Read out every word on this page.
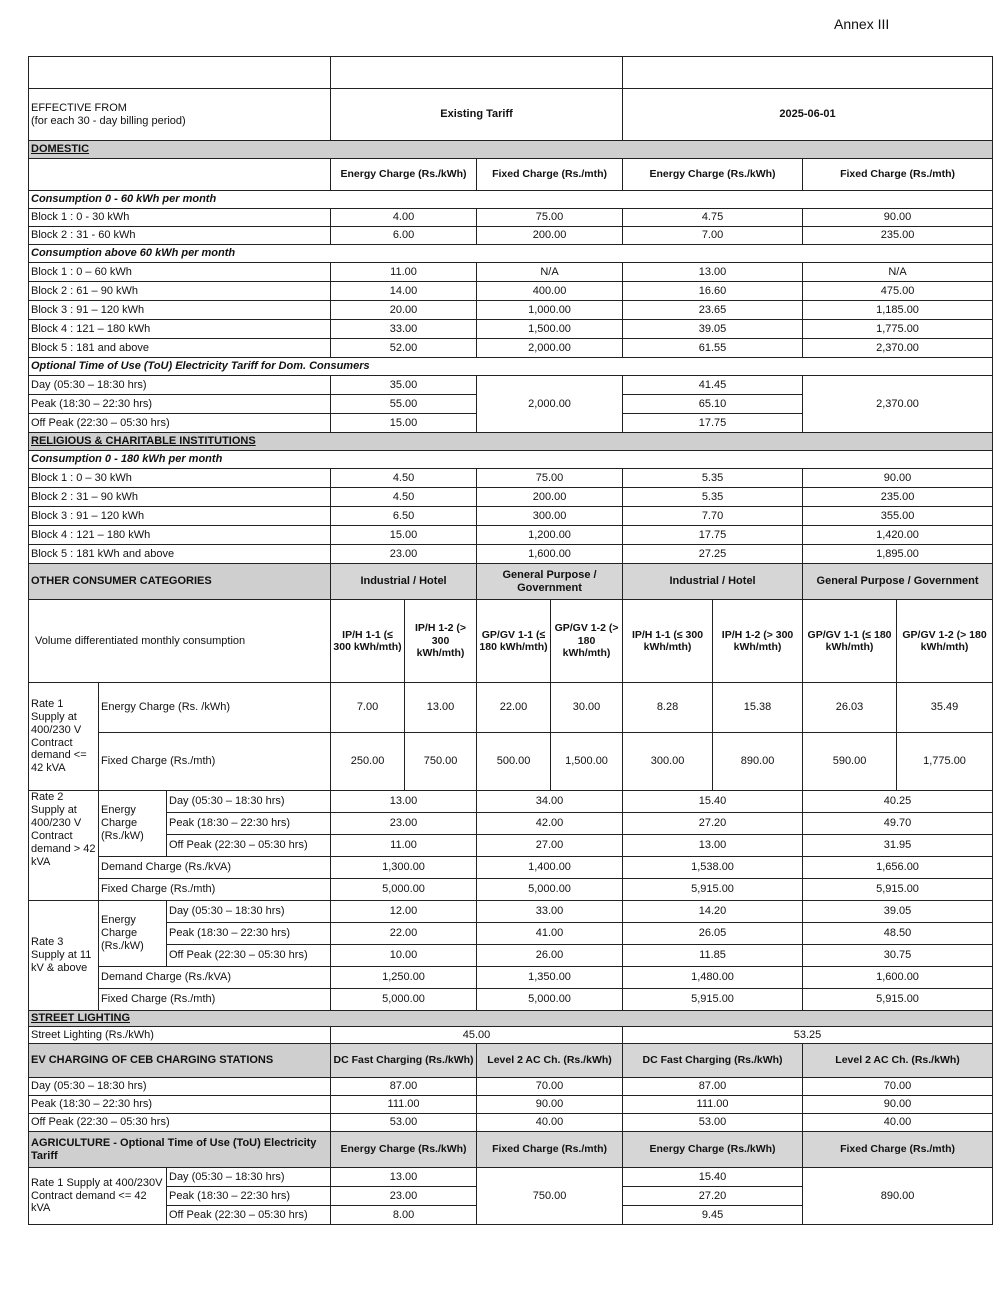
Annex III

EFFECTIVE FROM
(for each 30 - day billing period)			Existing Tariff				2025-06-01			
DOMESTIC										
			Energy Charge (Rs./kWh)		Fixed Charge (Rs./mth)		Energy Charge (Rs./kWh)		Fixed Charge (Rs./mth)	
Consumption 0 - 60 kWh per month										
Block 1 : 0 - 30 kWh			4.00		75.00		4.75		90.00	
Block 2 : 31 - 60 kWh			6.00		200.00		7.00		235.00	
Consumption above 60 kWh per month										
Block 1 : 0 – 60 kWh			11.00		N/A		13.00		N/A	
Block 2 : 61 – 90 kWh			14.00		400.00		16.60		475.00	
Block 3 : 91 – 120 kWh			20.00		1,000.00		23.65		1,185.00	
Block 4 : 121 – 180 kWh			33.00		1,500.00		39.05		1,775.00	
Block 5 : 181 and above			52.00		2,000.00		61.55		2,370.00	
Optional Time of Use (ToU) Electricity Tariff for Dom. Consumers										
Day (05:30 – 18:30 hrs)			35.00		2,000.00		41.45		2,370.00	
Peak (18:30 – 22:30 hrs)			55.00				65.10			
Off Peak (22:30 – 05:30 hrs)			15.00				17.75			
RELIGIOUS & CHARITABLE INSTITUTIONS										
Consumption 0 - 180 kWh per month										
Block 1 : 0 – 30 kWh			4.50		75.00		5.35		90.00	
Block 2 : 31 – 90 kWh			4.50		200.00		5.35		235.00	
Block 3 : 91 – 120 kWh			6.50		300.00		7.70		355.00	
Block 4 : 121 – 180 kWh			15.00		1,200.00		17.75		1,420.00	
Block 5 : 181 kWh and above			23.00		1,600.00		27.25		1,895.00	
OTHER CONSUMER CATEGORIES			Industrial / Hotel		General Purpose / Government		Industrial / Hotel		General Purpose / Government	
Volume differentiated monthly consumption			IP/H 1-1 (≤ 300 kWh/mth)	IP/H 1-2 (> 300 kWh/mth)	GP/GV 1-1 (≤ 180 kWh/mth)	GP/GV 1-2 (> 180 kWh/mth)	IP/H 1-1 (≤ 300 kWh/mth)	IP/H 1-2 (> 300 kWh/mth)	GP/GV 1-1 (≤ 180 kWh/mth)	GP/GV 1-2 (> 180 kWh/mth)

Rate 1
Supply at 400/230 V Contract demand <= 42 kVA	Energy Charge (Rs. /kWh)		7.00	13.00	22.00	30.00	8.28	15.38	26.03	35.49
	Fixed Charge (Rs./mth)		250.00	750.00	500.00	1,500.00	300.00	890.00	590.00	1,775.00

Rate 2
Supply at 400/230 V Contract demand > 42 kVA	Energy Charge (Rs./kW)	Day (05:30 – 18:30 hrs)	13.00		34.00		15.40		40.25	
		Peak (18:30 – 22:30 hrs)	23.00		42.00		27.20		49.70	
		Off Peak (22:30 – 05:30 hrs)	11.00		27.00		13.00		31.95	
	Demand Charge (Rs./kVA)		1,300.00		1,400.00		1,538.00		1,656.00	
	Fixed Charge (Rs./mth)		5,000.00		5,000.00		5,915.00		5,915.00	

Rate 3
Supply at 11 kV & above	Energy Charge (Rs./kW)	Day (05:30 – 18:30 hrs)	12.00		33.00		14.20		39.05	
		Peak (18:30 – 22:30 hrs)	22.00		41.00		26.05		48.50	
		Off Peak (22:30 – 05:30 hrs)	10.00		26.00		11.85		30.75	
	Demand Charge (Rs./kVA)		1,250.00		1,350.00		1,480.00		1,600.00	
	Fixed Charge (Rs./mth)		5,000.00		5,000.00		5,915.00		5,915.00	
STREET LIGHTING										
Street Lighting (Rs./kWh)			45.00				53.25			
EV CHARGING OF CEB CHARGING STATIONS			DC Fast Charging (Rs./kWh)		Level 2 AC Ch. (Rs./kWh)		DC Fast Charging (Rs./kWh)		Level 2 AC Ch. (Rs./kWh)	
Day (05:30 – 18:30 hrs)			87.00		70.00		87.00		70.00	
Peak (18:30 – 22:30 hrs)			111.00		90.00		111.00		90.00	
Off Peak (22:30 – 05:30 hrs)			53.00		40.00		53.00		40.00	
AGRICULTURE - Optional Time of Use (ToU) Electricity Tariff			Energy Charge (Rs./kWh)		Fixed Charge (Rs./mth)		Energy Charge (Rs./kWh)		Fixed Charge (Rs./mth)	
Rate 1 Supply at 400/230V Contract demand <= 42 kVA		Day (05:30 – 18:30 hrs)	13.00		750.00		15.40		890.00	
		Peak (18:30 – 22:30 hrs)	23.00				27.20			
		Off Peak (22:30 – 05:30 hrs)	8.00				9.45			
